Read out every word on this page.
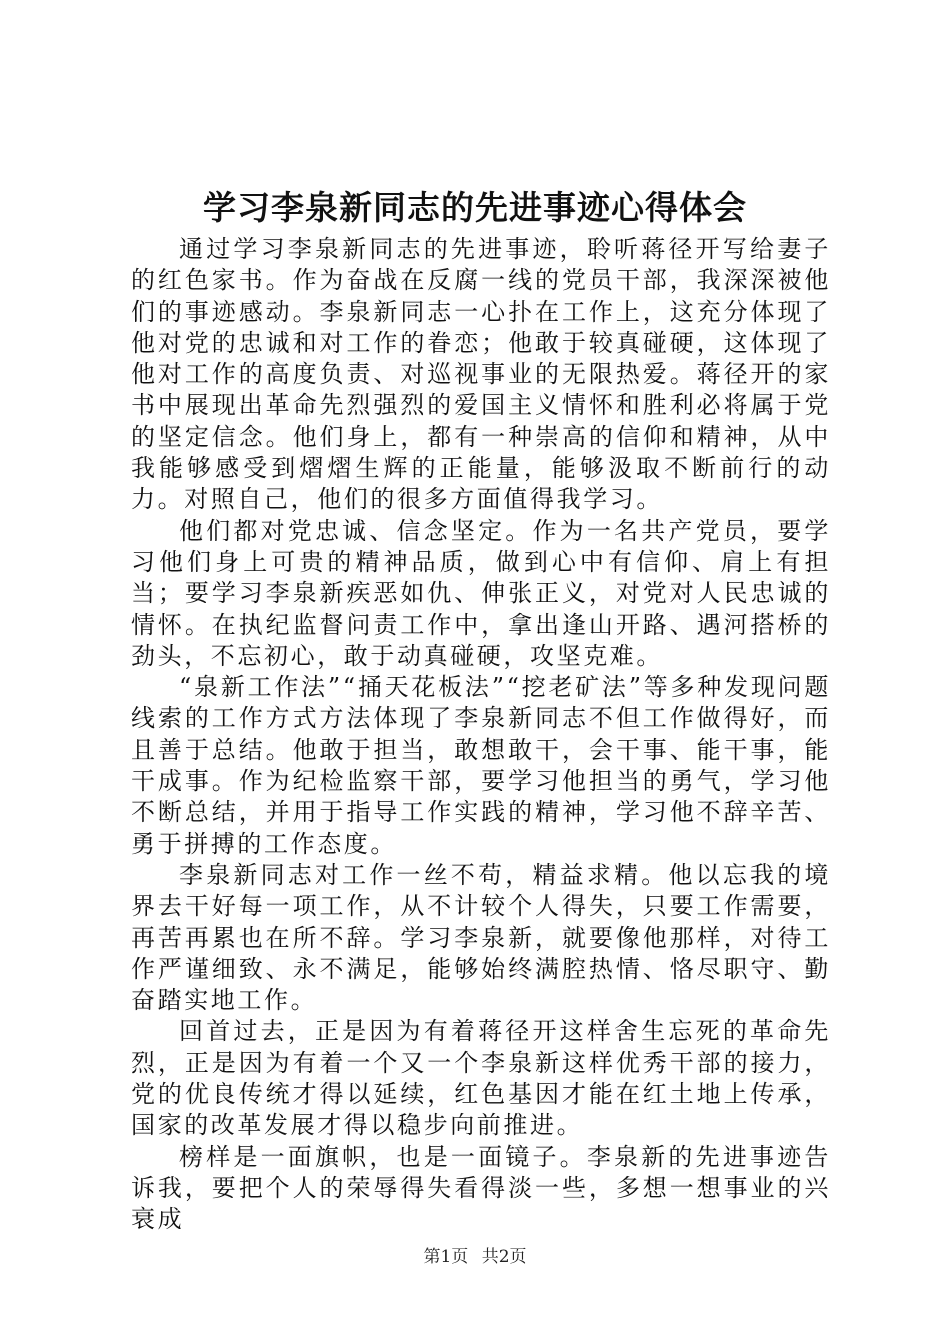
学习李泉新同志的先进事迹心得体会

通过学习李泉新同志的先进事迹，聆听蒋径开写给妻子的红色家书。作为奋战在反腐一线的党员干部，我深深被他们的事迹感动。李泉新同志一心扑在工作上，这充分体现了他对党的忠诚和对工作的眷恋；他敢于较真碰硬，这体现了他对工作的高度负责、对巡视事业的无限热爱。蒋径开的家书中展现出革命先烈强烈的爱国主义情怀和胜利必将属于党的坚定信念。他们身上，都有一种崇高的信仰和精神，从中我能够感受到熠熠生辉的正能量，能够汲取不断前行的动力。对照自己，他们的很多方面值得我学习。

他们都对党忠诚、信念坚定。作为一名共产党员，要学习他们身上可贵的精神品质，做到心中有信仰、肩上有担当；要学习李泉新疾恶如仇、伸张正义，对党对人民忠诚的情怀。在执纪监督问责工作中，拿出逢山开路、遇河搭桥的劲头，不忘初心，敢于动真碰硬，攻坚克难。

“泉新工作法”“捅天花板法”“挖老矿法”等多种发现问题线索的工作方式方法体现了李泉新同志不但工作做得好，而且善于总结。他敢于担当，敢想敢干，会干事、能干事，能干成事。作为纪检监察干部，要学习他担当的勇气，学习他不断总结，并用于指导工作实践的精神，学习他不辞辛苦、勇于拼搏的工作态度。

李泉新同志对工作一丝不苟，精益求精。他以忘我的境界去干好每一项工作，从不计较个人得失，只要工作需要，再苦再累也在所不辞。学习李泉新，就要像他那样，对待工作严谨细致、永不满足，能够始终满腔热情、恪尽职守、勤奋踏实地工作。

回首过去，正是因为有着蒋径开这样舍生忘死的革命先烈，正是因为有着一个又一个李泉新这样优秀干部的接力，党的优良传统才得以延续，红色基因才能在红土地上传承，国家的改革发展才得以稳步向前推进。

榜样是一面旗帜，也是一面镜子。李泉新的先进事迹告诉我，要把个人的荣辱得失看得淡一些，多想一想事业的兴衰成

第1页 共2页
